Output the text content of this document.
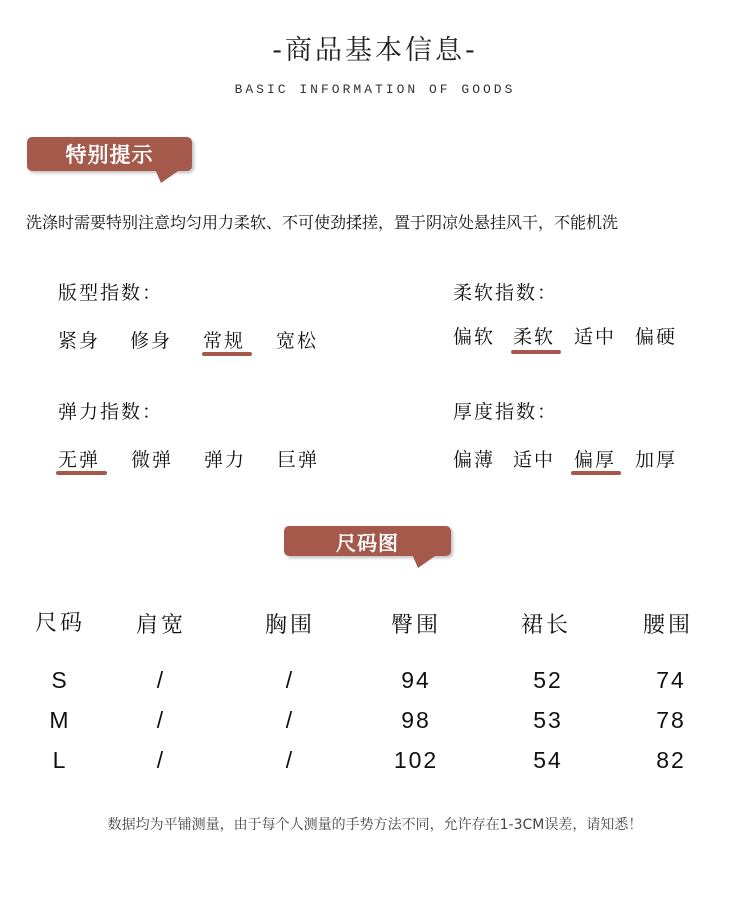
-商品基本信息-
BASIC INFORMATION OF GOODS
特别提示
洗涤时需要特别注意均匀用力柔软、不可使劲揉搓，置于阴凉处悬挂风干，不能机洗
版型指数：
紧身 修身 常规 宽松
柔软指数：
偏软 柔软 适中 偏硬
弹力指数：
无弹 微弹 弹力 巨弹
厚度指数：
偏薄 适中 偏厚 加厚
尺码图
尺码	肩宽	胸围	臀围	裙长	腰围
S	/	/	94	52	74
M	/	/	98	53	78
L	/	/	102	54	82
数据均为平铺测量，由于每个人测量的手势方法不同，允许存在1-3CM误差，请知悉！
